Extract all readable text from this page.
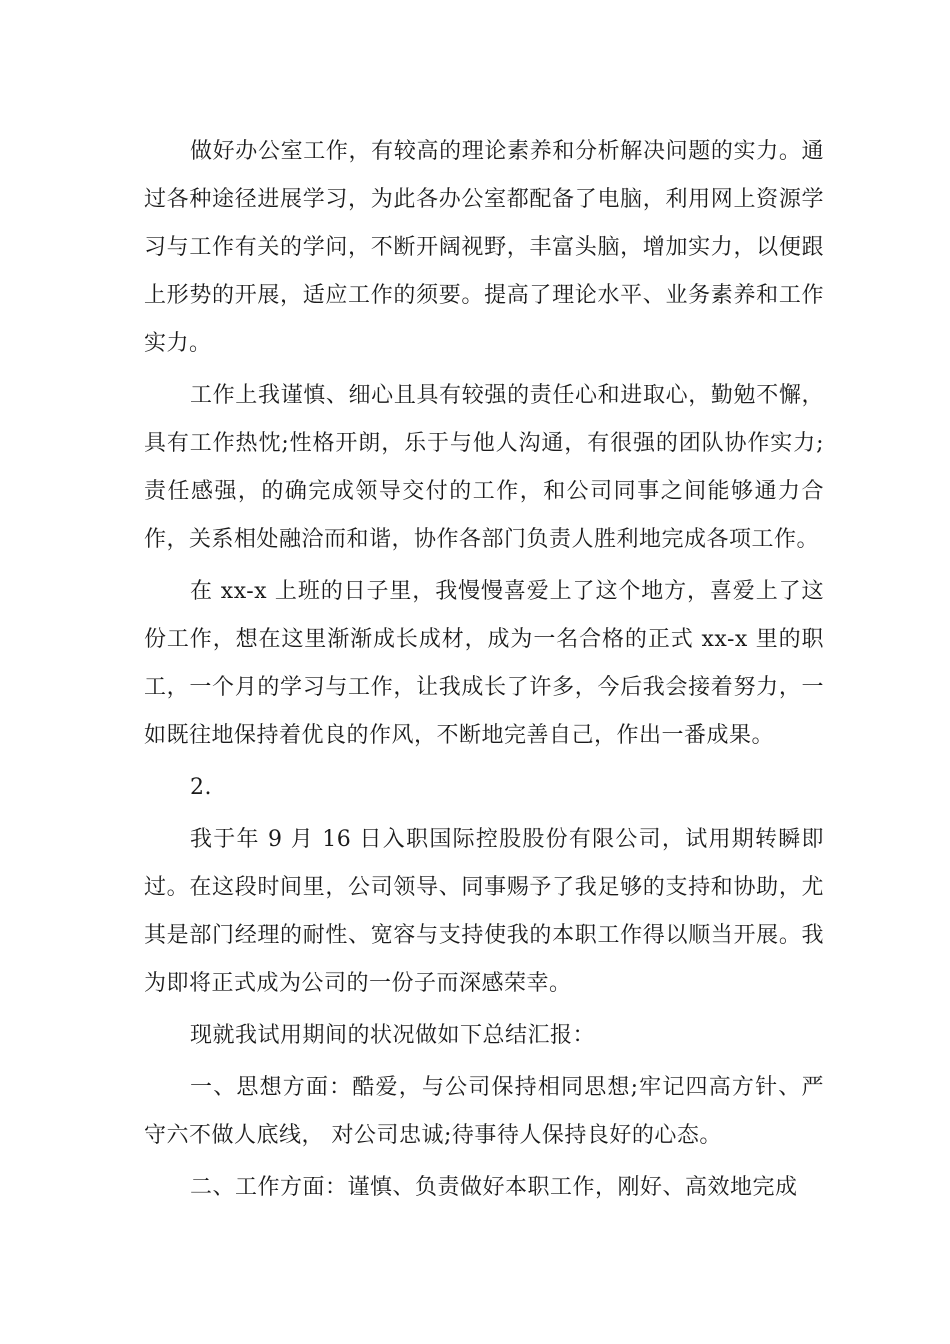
做好办公室工作，有较高的理论素养和分析解决问题的实力。通过各种途径进展学习，为此各办公室都配备了电脑，利用网上资源学习与工作有关的学问，不断开阔视野，丰富头脑，增加实力，以便跟上形势的开展，适应工作的须要。提高了理论水平、业务素养和工作实力。

工作上我谨慎、细心且具有较强的责任心和进取心，勤勉不懈，具有工作热忱;性格开朗，乐于与他人沟通，有很强的团队协作实力;责任感强，的确完成领导交付的工作，和公司同事之间能够通力合作，关系相处融洽而和谐，协作各部门负责人胜利地完成各项工作。

在 xx-x 上班的日子里，我慢慢喜爱上了这个地方，喜爱上了这份工作，想在这里渐渐成长成材，成为一名合格的正式 xx-x 里的职工，一个月的学习与工作，让我成长了许多，今后我会接着努力，一如既往地保持着优良的作风，不断地完善自己，作出一番成果。

2.

我于年 9 月 16 日入职国际控股股份有限公司，试用期转瞬即过。在这段时间里，公司领导、同事赐予了我足够的支持和协助，尤其是部门经理的耐性、宽容与支持使我的本职工作得以顺当开展。我为即将正式成为公司的一份子而深感荣幸。

现就我试用期间的状况做如下总结汇报：

一、思想方面：酷爱，与公司保持相同思想;牢记四高方针、严守六不做人底线， 对公司忠诚;待事待人保持良好的心态。

二、工作方面：谨慎、负责做好本职工作，刚好、高效地完成
